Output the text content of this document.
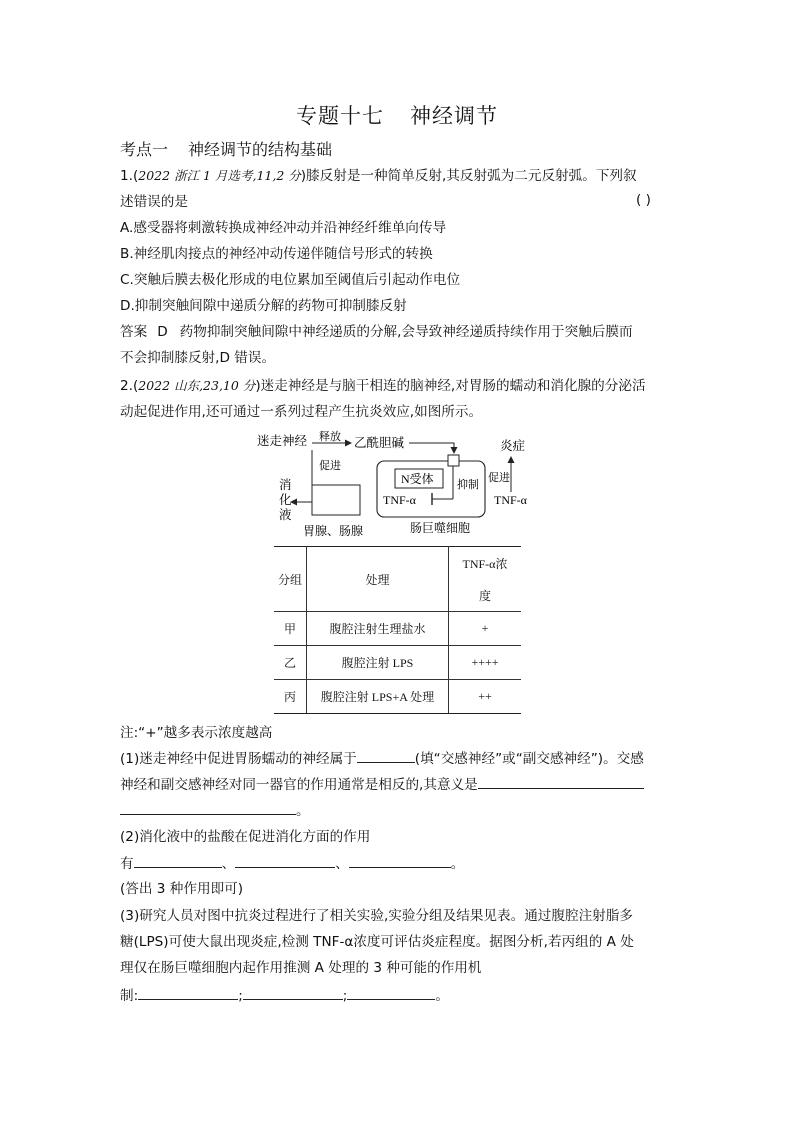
专题十七 神经调节
考点一 神经调节的结构基础
1.(2022 浙江 1 月选考,11,2 分)膝反射是一种简单反射,其反射弧为二元反射弧。下列叙
述错误的是	( )
A.感受器将刺激转换成神经冲动并沿神经纤维单向传导
B.神经肌肉接点的神经冲动传递伴随信号形式的转换
C.突触后膜去极化形成的电位累加至阈值后引起动作电位
D.抑制突触间隙中递质分解的药物可抑制膝反射
答案 D 药物抑制突触间隙中神经递质的分解,会导致神经递质持续作用于突触后膜而
不会抑制膝反射,D 错误。
2.(2022 山东,23,10 分)迷走神经是与脑干相连的脑神经,对胃肠的蠕动和消化腺的分泌活
动起促进作用,还可通过一系列过程产生抗炎效应,如图所示。
迷走神经 释放 乙酰胆碱
促进
消
化
液
胃腺、肠腺
N受体 抑制
TNF-α
肠巨噬细胞
促进
TNF-α
炎症
分组	处理	TNF-α浓

度
甲	腹腔注射生理盐水	+
乙	腹腔注射 LPS	++++
丙	腹腔注射 LPS+A 处理	++
注:“+”越多表示浓度越高
(1)迷走神经中促进胃肠蠕动的神经属于	(填“交感神经”或“副交感神经”)。交感
神经和副交感神经对同一器官的作用通常是相反的,其意义是
。
(2)消化液中的盐酸在促进消化方面的作用
有	、	、	。
(答出 3 种作用即可)
(3)研究人员对图中抗炎过程进行了相关实验,实验分组及结果见表。通过腹腔注射脂多
糖(LPS)可使大鼠出现炎症,检测 TNF-α浓度可评估炎症程度。据图分析,若丙组的 A 处
理仅在肠巨噬细胞内起作用推测 A 处理的 3 种可能的作用机
制:	;	;	。
